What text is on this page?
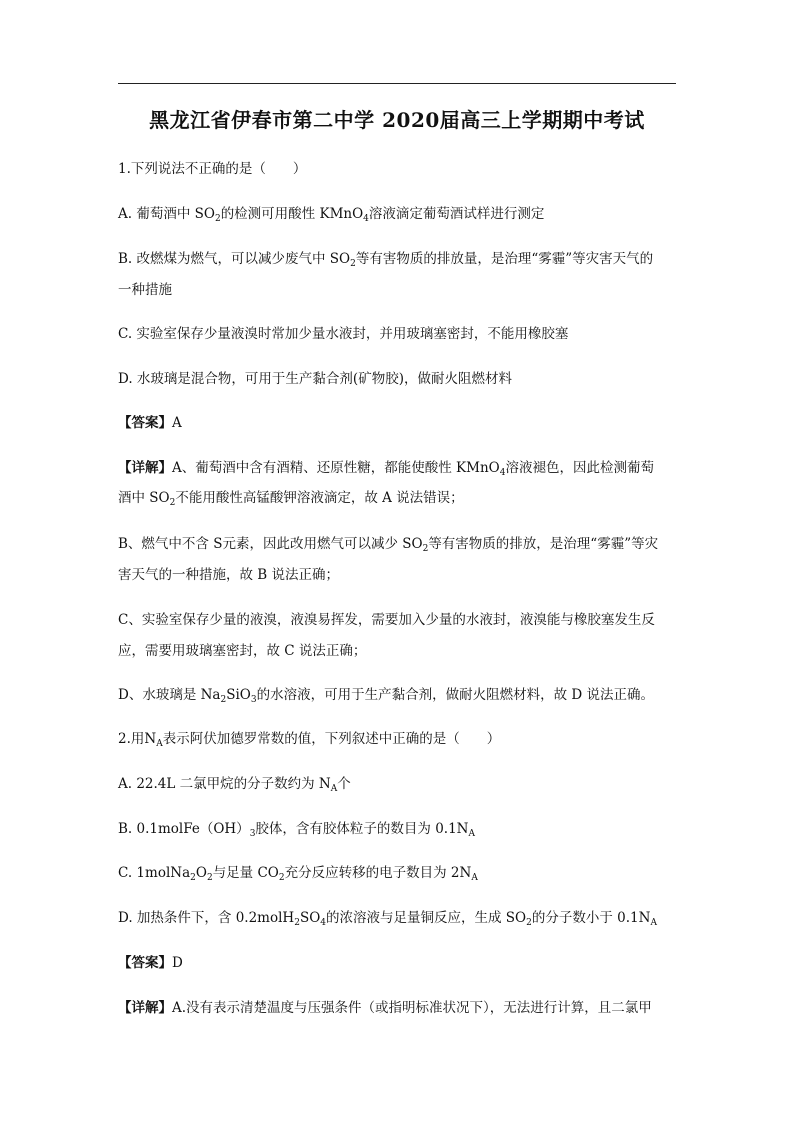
黑龙江省伊春市第二中学 2020届高三上学期期中考试
1.下列说法不正确的是（　　）
A. 葡萄酒中 $SO_2$的检测可用酸性 KMnO$_4$溶液滴定葡萄酒试样进行测定
B. 改燃煤为燃气，可以减少废气中 $SO_2$等有害物质的排放量，是治理“雾霾”等灾害天气的
一种措施
C. 实验室保存少量液溴时常加少量水液封，并用玻璃塞密封，不能用橡胶塞
D. 水玻璃是混合物，可用于生产黏合剂(矿物胶)，做耐火阻燃材料
【答案】A
【详解】A、葡萄酒中含有酒精、还原性糖，都能使酸性 KMnO$_4$溶液褪色，因此检测葡萄
酒中 $SO_2$不能用酸性高锰酸钾溶液滴定，故 A 说法错误；
B、燃气中不含 S元素，因此改用燃气可以减少 $SO_2$等有害物质的排放，是治理“雾霾”等灾
害天气的一种措施，故 B 说法正确；
C、实验室保存少量的液溴，液溴易挥发，需要加入少量的水液封，液溴能与橡胶塞发生反
应，需要用玻璃塞密封，故 C 说法正确；
D、水玻璃是 $Na_2SiO_3$的水溶液，可用于生产黏合剂，做耐火阻燃材料，故 D 说法正确。
2.用$N_A$表示阿伏加德罗常数的值，下列叙述中正确的是（　　）
A. 22.4L 二氯甲烷的分子数约为 $N_A$个
B. $0.1molFe(OH)_3$胶体，含有胶体粒子的数目为 $0.1N_A$
C. $1molNa_2O_2$与足量 $CO_2$充分反应转移的电子数目为 $2N_A$
D. 加热条件下，含 $0.2molH_2SO_4$的浓溶液与足量铜反应，生成 $SO_2$的分子数小于 $0.1N_A$
【答案】D
【详解】A.没有表示清楚温度与压强条件（或指明标准状况下），无法进行计算，且二氯甲
